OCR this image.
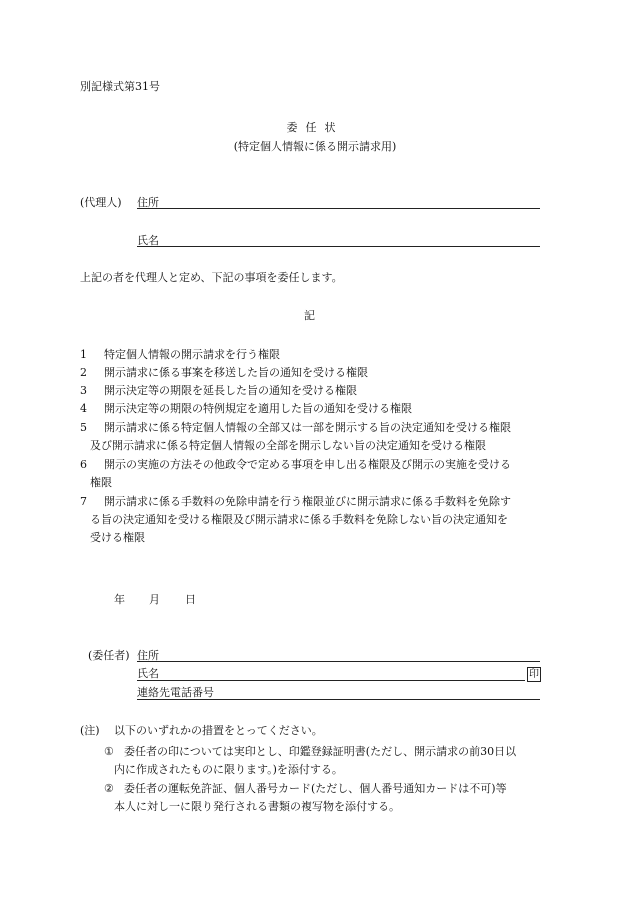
別記様式第31号
委任状
(特定個人情報に係る開示請求用)
(代理人) 住所
氏名
上記の者を代理人と定め、下記の事項を委任します。
記
1 特定個人情報の開示請求を行う権限
2 開示請求に係る事案を移送した旨の通知を受ける権限
3 開示決定等の期限を延長した旨の通知を受ける権限
4 開示決定等の期限の特例規定を適用した旨の通知を受ける権限
5 開示請求に係る特定個人情報の全部又は一部を開示する旨の決定通知を受ける権限
及び開示請求に係る特定個人情報の全部を開示しない旨の決定通知を受ける権限
6 開示の実施の方法その他政令で定める事項を申し出る権限及び開示の実施を受ける
権限
7 開示請求に係る手数料の免除申請を行う権限並びに開示請求に係る手数料を免除す
る旨の決定通知を受ける権限及び開示請求に係る手数料を免除しない旨の決定通知を
受ける権限
年 月 日
(委任者) 住所
氏名	印
連絡先電話番号
(注) 以下のいずれかの措置をとってください。
① 委任者の印については実印とし、印鑑登録証明書(ただし、開示請求の前30日以
内に作成されたものに限ります。)を添付する。
② 委任者の運転免許証、個人番号カード(ただし、個人番号通知カードは不可)等
本人に対し一に限り発行される書類の複写物を添付する。
